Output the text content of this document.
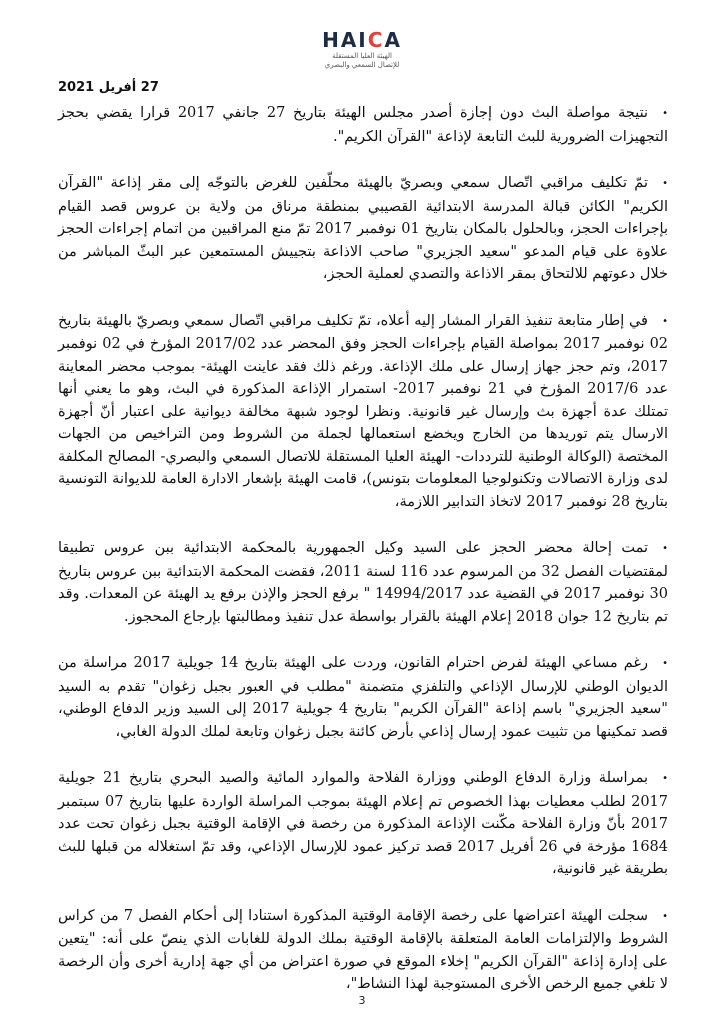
HAICA
الهيئة العليا المستقلة
للإتصال السمعي والبصري
27 أفريل 2021

•نتيجة مواصلة البث دون إجازة أصدر مجلس الهيئة بتاريخ 27 جانفي 2017 قرارا يقضي بحجز التجهيزات الضرورية للبث التابعة لإذاعة "القرآن الكريم".

•تمّ تكليف مراقبي اتّصال سمعي وبصريّ بالهيئة محلّفين للغرض بالتوجّه إلى مقر إذاعة "القرآن الكريم" الكائن قبالة المدرسة الابتدائية القصيبي بمنطقة مرناق من ولاية بن عروس قصد القيام بإجراءات الحجز، وبالحلول بالمكان بتاريخ 01 نوفمبر 2017 تمّ منع المراقبين من اتمام إجراءات الحجز علاوة على قيام المدعو "سعيد الجزيري" صاحب الاذاعة بتجييش المستمعين عبر البثّ المباشر من خلال دعوتهم للالتحاق بمقر الاذاعة والتصدي لعملية الحجز،

•في إطار متابعة تنفيذ القرار المشار إليه أعلاه، تمّ تكليف مراقبي اتّصال سمعي وبصريّ بالهيئة بتاريخ 02 نوفمبر 2017 بمواصلة القيام بإجراءات الحجز وفق المحضر عدد 2017/02 المؤرخ في 02 نوفمبر 2017، وتم حجز جهاز إرسال على ملك الإذاعة. ورغم ذلك فقد عاينت الهيئة- بموجب محضر المعاينة عدد 2017/6 المؤرخ في 21 نوفمبر 2017- استمرار الإذاعة المذكورة في البث، وهو ما يعني أنها تمتلك عدة أجهزة بث وإرسال غير قانونية. ونظرا لوجود شبهة مخالفة ديوانية على اعتبار أنّ أجهزة الارسال يتم توريدها من الخارج ويخضع استعمالها لجملة من الشروط ومن التراخيص من الجهات المختصة (الوكالة الوطنية للترددات- الهيئة العليا المستقلة للاتصال السمعي والبصري- المصالح المكلفة لدى وزارة الاتصالات وتكنولوجيا المعلومات بتونس)، قامت الهيئة بإشعار الادارة العامة للديوانة التونسية بتاريخ 28 نوفمبر 2017 لاتخاذ التدابير اللازمة،

•تمت إحالة محضر الحجز على السيد وكيل الجمهورية بالمحكمة الابتدائية ببن عروس تطبيقا لمقتضيات الفصل 32 من المرسوم عدد 116 لسنة 2011، فقضت المحكمة الابتدائية ببن عروس بتاريخ 30 نوفمبر 2017 في القضية عدد 14994/2017 " برفع الحجز والإذن برفع يد الهيئة عن المعدات. وقد تم بتاريخ 12 جوان 2018 إعلام الهيئة بالقرار بواسطة عدل تنفيذ ومطالبتها بإرجاع المحجوز.

•رغم مساعي الهيئة لفرض احترام القانون، وردت على الهيئة بتاريخ 14 جويلية 2017 مراسلة من الديوان الوطني للإرسال الإذاعي والتلفزي متضمنة "مطلب في العبور بجبل زغوان" تقدم به السيد "سعيد الجزيري" باسم إذاعة "القرآن الكريم" بتاريخ 4 جويلية 2017 إلى السيد وزير الدفاع الوطني، قصد تمكينها من تثبيت عمود إرسال إذاعي بأرض كائنة بجبل زغوان وتابعة لملك الدولة الغابي،

•بمراسلة وزارة الدفاع الوطني ووزارة الفلاحة والموارد المائية والصيد البحري بتاريخ 21 جويلية 2017 لطلب معطيات بهذا الخصوص تم إعلام الهيئة بموجب المراسلة الواردة عليها بتاريخ 07 سبتمبر 2017 بأنّ وزارة الفلاحة مكّنت الإذاعة المذكورة من رخصة في الإقامة الوقتية بجبل زغوان تحت عدد 1684 مؤرخة في 26 أفريل 2017 قصد تركيز عمود للإرسال الإذاعي، وقد تمّ استغلاله من قبلها للبث بطريقة غير قانونية،

•سجلت الهيئة اعتراضها على رخصة الإقامة الوقتية المذكورة استنادا إلى أحكام الفصل 7 من كراس الشروط والإلتزامات العامة المتعلقة بالإقامة الوقتية بملك الدولة للغابات الذي ينصّ على أنه: "يتعين على إدارة إذاعة "القرآن الكريم" إخلاء الموقع في صورة اعتراض من أي جهة إدارية أخرى وأن الرخصة لا تلغي جميع الرخص الأخرى المستوجبة لهذا النشاط"،

3
